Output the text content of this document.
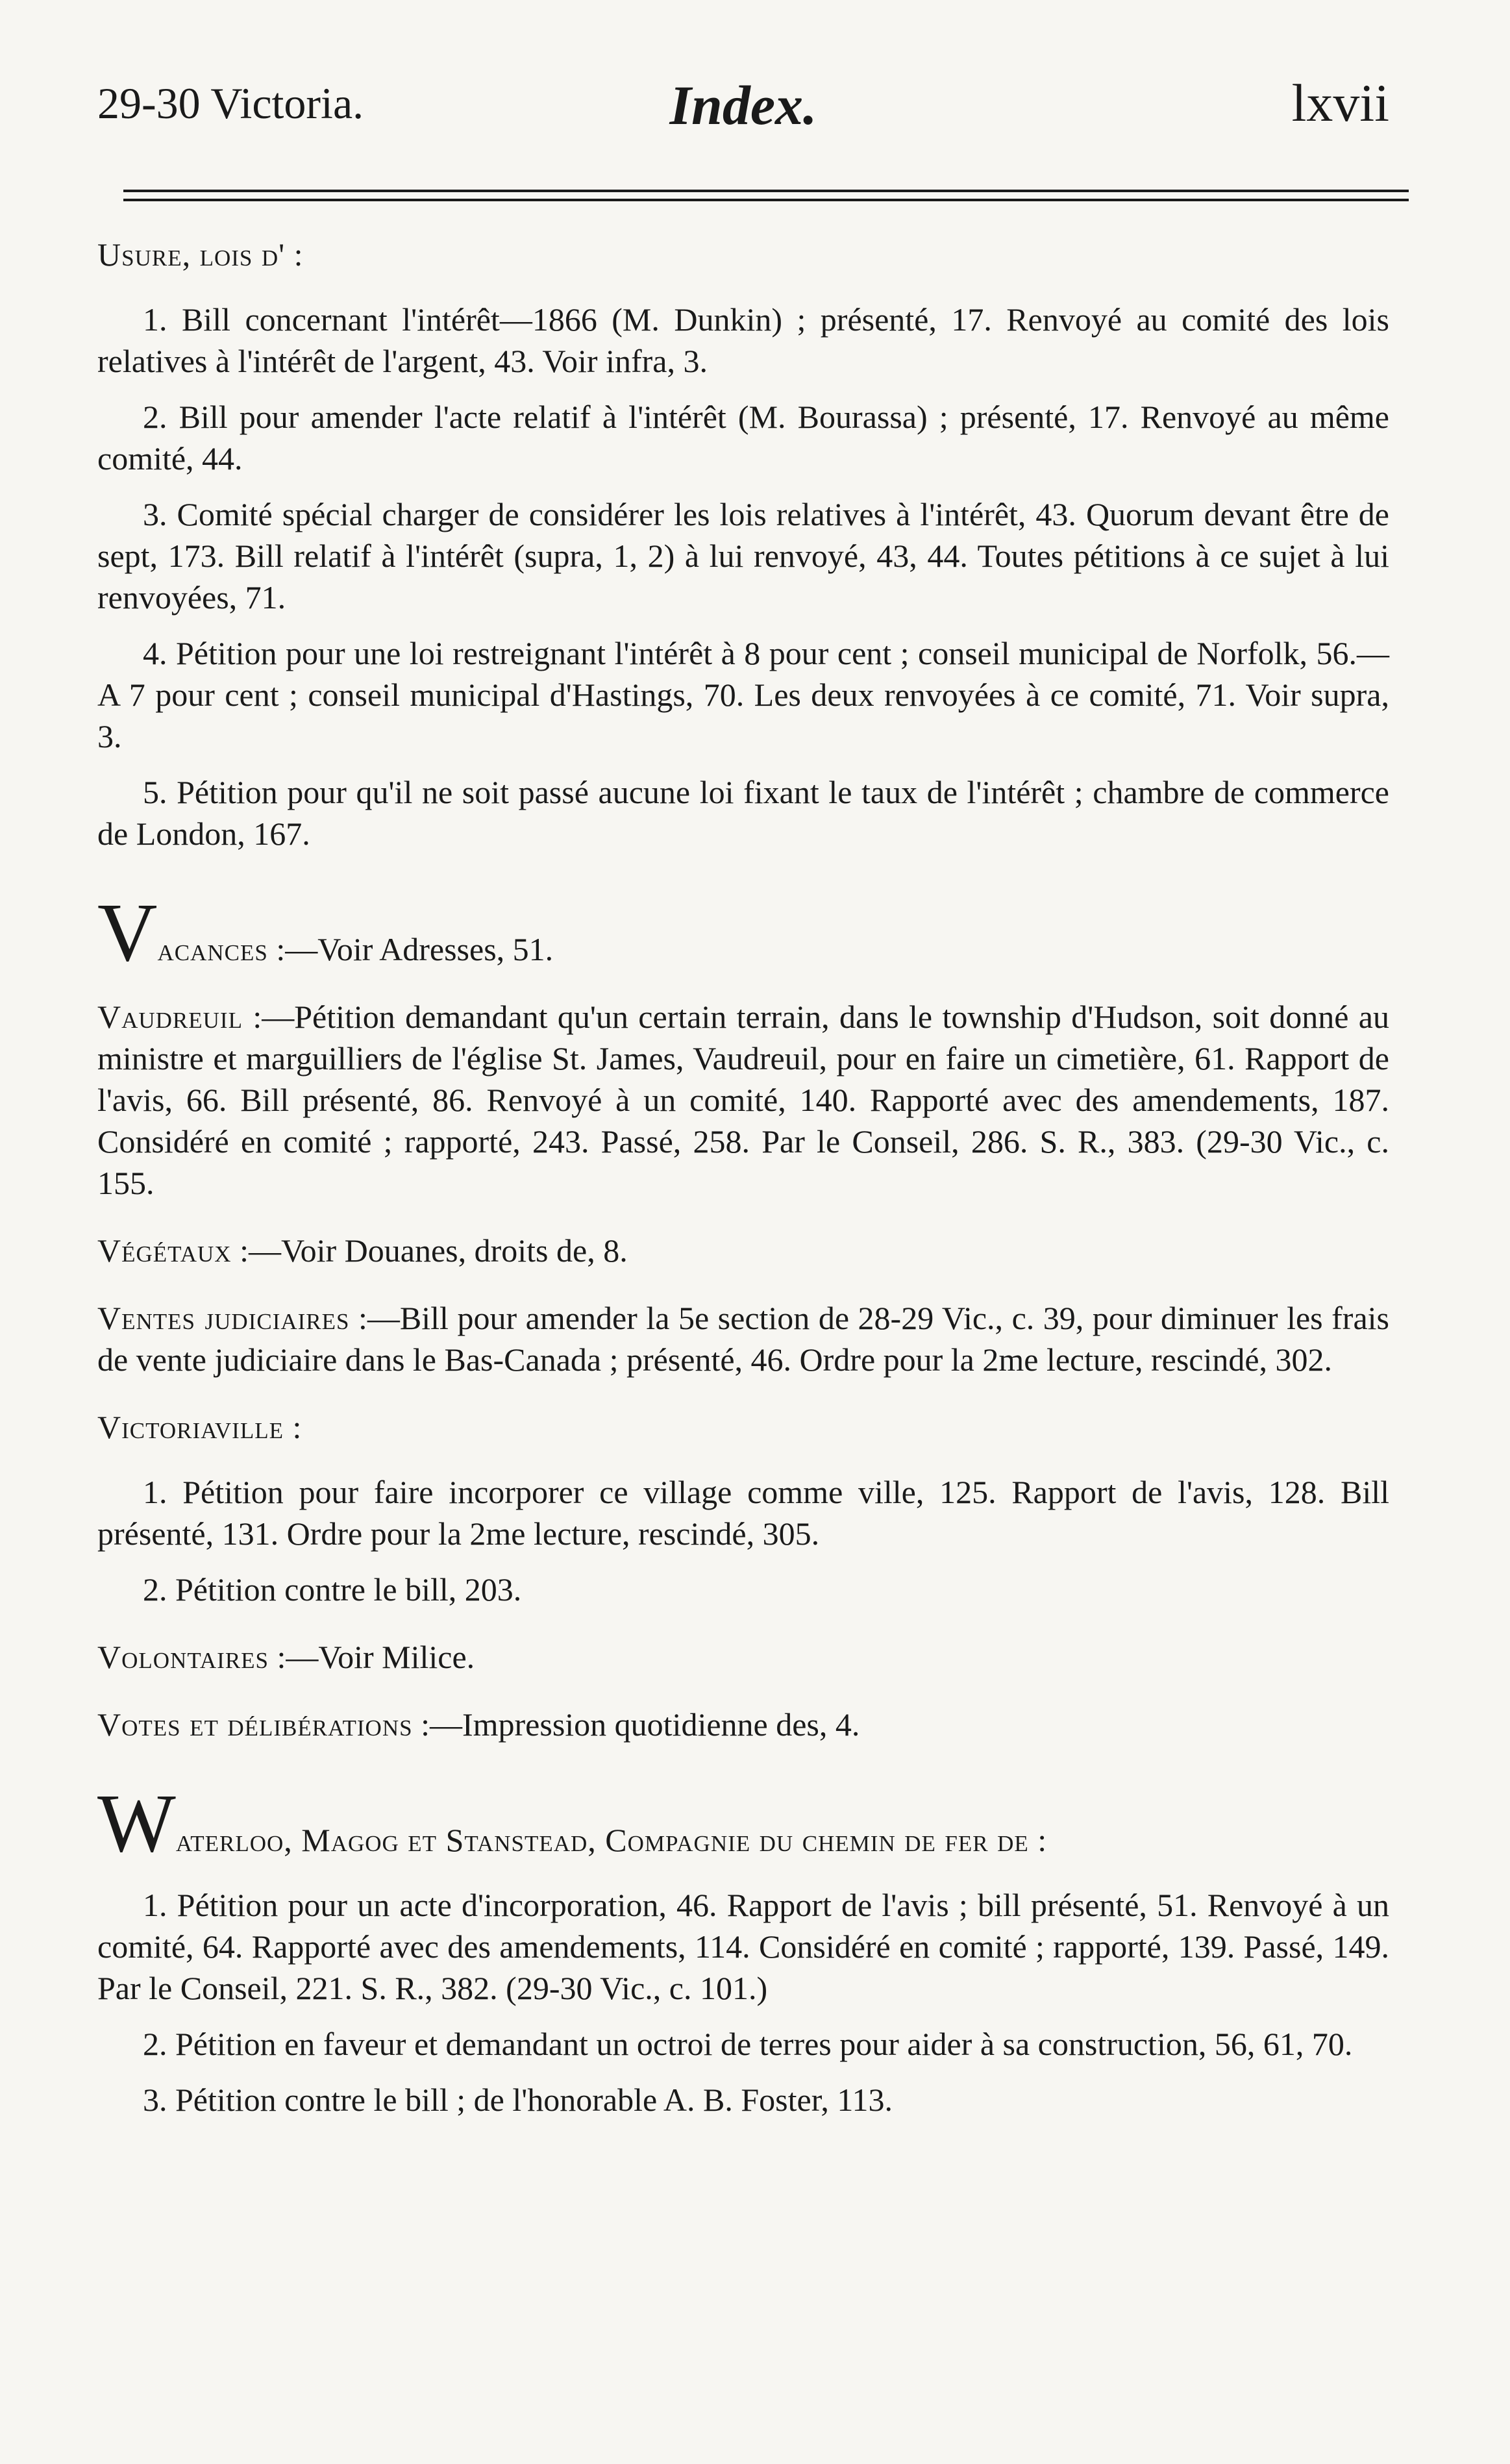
29-30 Victoria.	Index.	lxvii
Usure, lois d' :

1. Bill concernant l'intérêt—1866 (M. Dunkin) ; présenté, 17. Renvoyé au comité des lois relatives à l'intérêt de l'argent, 43. Voir infra, 3.

2. Bill pour amender l'acte relatif à l'intérêt (M. Bourassa) ; présenté, 17. Renvoyé au même comité, 44.

3. Comité spécial charger de considérer les lois relatives à l'intérêt, 43. Quorum devant être de sept, 173. Bill relatif à l'intérêt (supra, 1, 2) à lui renvoyé, 43, 44. Toutes pétitions à ce sujet à lui renvoyées, 71.

4. Pétition pour une loi restreignant l'intérêt à 8 pour cent ; conseil municipal de Norfolk, 56.—A 7 pour cent ; conseil municipal d'Hastings, 70. Les deux renvoyées à ce comité, 71. Voir supra, 3.

5. Pétition pour qu'il ne soit passé aucune loi fixant le taux de l'intérêt ; chambre de commerce de London, 167.

Vacances :—Voir Adresses, 51.
Vaudreuil :—Pétition demandant qu'un certain terrain, dans le township d'Hudson, soit donné au ministre et marguilliers de l'église St. James, Vaudreuil, pour en faire un cimetière, 61. Rapport de l'avis, 66. Bill présenté, 86. Renvoyé à un comité, 140. Rapporté avec des amendements, 187. Considéré en comité ; rapporté, 243. Passé, 258. Par le Conseil, 286. S. R., 383. (29-30 Vic., c. 155.
Végétaux :—Voir Douanes, droits de, 8.
Ventes judiciaires :—Bill pour amender la 5e section de 28-29 Vic., c. 39, pour diminuer les frais de vente judiciaire dans le Bas-Canada ; présenté, 46. Ordre pour la 2me lecture, rescindé, 302.
Victoriaville :

1. Pétition pour faire incorporer ce village comme ville, 125. Rapport de l'avis, 128. Bill présenté, 131. Ordre pour la 2me lecture, rescindé, 305.

2. Pétition contre le bill, 203.

Volontaires :—Voir Milice.
Votes et délibérations :—Impression quotidienne des, 4.
Waterloo, Magog et Stanstead, Compagnie du chemin de fer de :

1. Pétition pour un acte d'incorporation, 46. Rapport de l'avis ; bill présenté, 51. Renvoyé à un comité, 64. Rapporté avec des amendements, 114. Considéré en comité ; rapporté, 139. Passé, 149. Par le Conseil, 221. S. R., 382. (29-30 Vic., c. 101.)

2. Pétition en faveur et demandant un octroi de terres pour aider à sa construction, 56, 61, 70.

3. Pétition contre le bill ; de l'honorable A. B. Foster, 113.
